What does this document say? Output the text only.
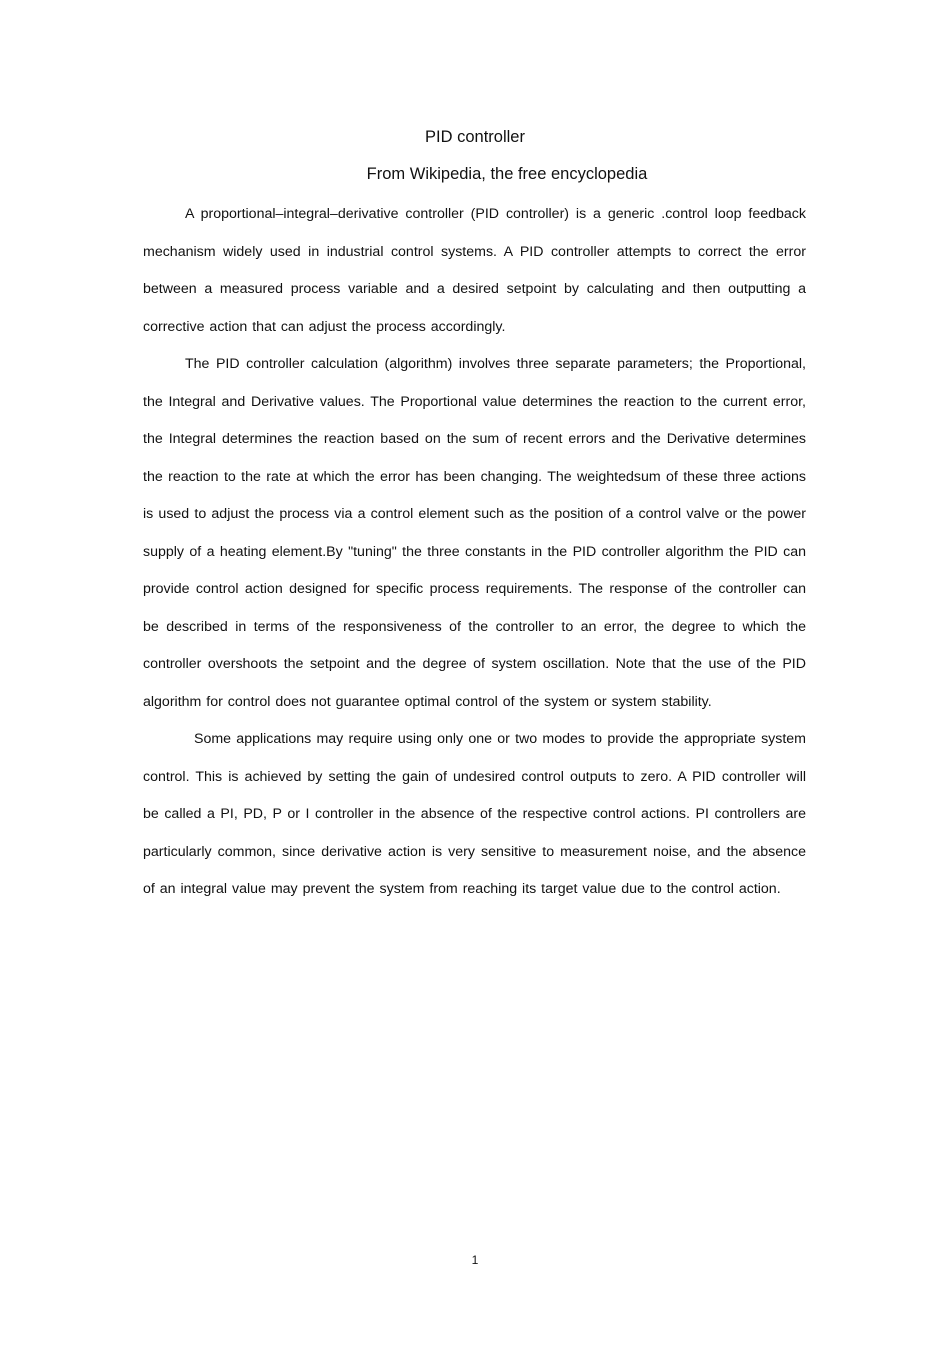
PID controller
From Wikipedia, the free encyclopedia

A proportional–integral–derivative controller (PID controller) is a generic .control loop feedback mechanism widely used in industrial control systems. A PID controller attempts to correct the error between a measured process variable and a desired setpoint by calculating and then outputting a corrective action that can adjust the process accordingly.

The PID controller calculation (algorithm) involves three separate parameters; the Proportional, the Integral and Derivative values. The Proportional value determines the reaction to the current error, the Integral determines the reaction based on the sum of recent errors and the Derivative determines the reaction to the rate at which the error has been changing. The weightedsum of these three actions is used to adjust the process via a control element such as the position of a control valve or the power supply of a heating element.By "tuning" the three constants in the PID controller algorithm the PID can provide control action designed for specific process requirements. The response of the controller can be described in terms of the responsiveness of the controller to an error, the degree to which the controller overshoots the setpoint and the degree of system oscillation. Note that the use of the PID algorithm for control does not guarantee optimal control of the system or system stability.

Some applications may require using only one or two modes to provide the appropriate system control. This is achieved by setting the gain of undesired control outputs to zero. A PID controller will be called a PI, PD, P or I controller in the absence of the respective control actions. PI controllers are particularly common, since derivative action is very sensitive to measurement noise, and the absence of an integral value may prevent the system from reaching its target value due to the control action.

1
